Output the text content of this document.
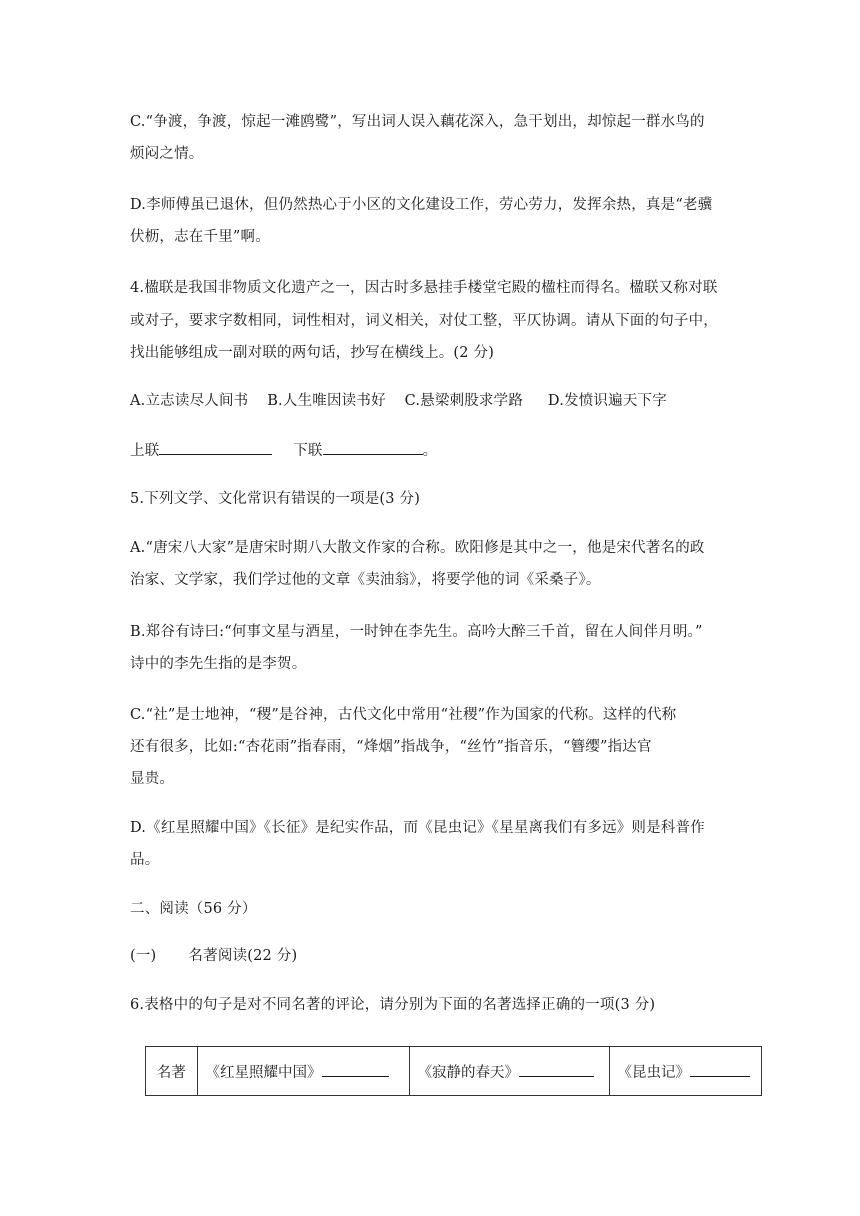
C.“争渡，争渡，惊起一滩鸥鹭”，写出词人误入藕花深入，急干划出，却惊起一群水鸟的
烦闷之情。
D.李师傅虽已退休，但仍然热心于小区的文化建设工作，劳心劳力，发挥余热，真是“老骥
伏枥，志在千里”啊。
4.楹联是我国非物质文化遗产之一，因古时多悬挂手楼堂宅殿的楹柱而得名。楹联又称对联
或对子，要求字数相同，词性相对，词义相关，对仗工整，平仄协调。请从下面的句子中，
找出能够组成一副对联的两句话，抄写在横线上。(2 分)
A.立志读尽人间书 B.人生唯因读书好 C.悬梁刺股求学路 D.发愤识遍天下字
上联	下联	。
5.下列文学、文化常识有错误的一项是(3 分)
A.“唐宋八大家”是唐宋时期八大散文作家的合称。欧阳修是其中之一，他是宋代著名的政
治家、文学家，我们学过他的文章《卖油翁》，将要学他的词《采桑子》。
B.郑谷有诗曰:“何事文星与酒星，一时钟在李先生。高吟大醉三千首，留在人间伴月明。”
诗中的李先生指的是李贺。
C.“社”是士地神，“稷”是谷神，古代文化中常用“社稷”作为国家的代称。这样的代称
还有很多，比如:“杏花雨”指春雨，“烽烟”指战争，“丝竹”指音乐，“簪缨”指达官
显贵。
D.《红星照耀中国》《长征》是纪实作品，而《昆虫记》《星星离我们有多远》则是科普作
品。
二、阅读（56 分）
(一) 名著阅读(22 分)
6.表格中的句子是对不同名著的评论，请分别为下面的名著选择正确的一项(3 分)
名著	《红星照耀中国》	《寂静的春天》	《昆虫记》
